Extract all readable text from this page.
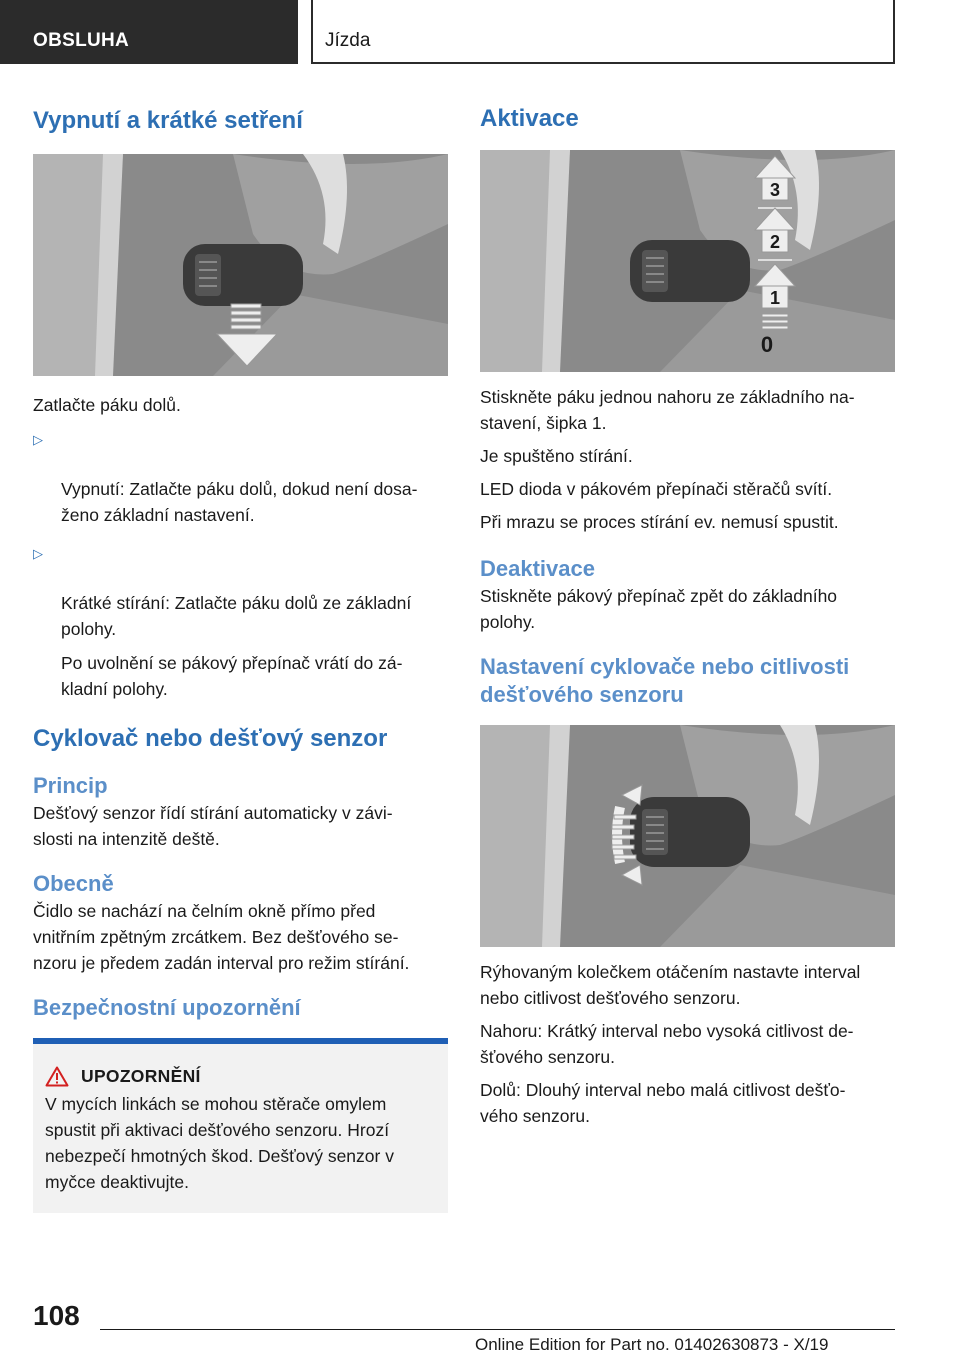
OBSLUHA	Jízda
Vypnutí a krátké setření

Zatlačte páku dolů.

▷

Vypnutí: Zatlačte páku dolů, dokud není dosa-
ženo základní nastavení.

▷

Krátké stírání: Zatlačte páku dolů ze základní
polohy.

Po uvolnění se pákový přepínač vrátí do zá-
kladní polohy.

Cyklovač nebo dešťový senzor
Princip

Dešťový senzor řídí stírání automaticky v závi-
slosti na intenzitě deště.

Obecně

Čidlo se nachází na čelním okně přímo před
vnitřním zpětným zrcátkem. Bez dešťového se-
nzoru je předem zadán interval pro režim stírání.

Bezpečnostní upozornění
UPOZORNĚNÍ

V mycích linkách se mohou stěrače omylem
spustit při aktivaci dešťového senzoru. Hrozí
nebezpečí hmotných škod. Dešťový senzor v
myčce deaktivujte.

Aktivace
3
2
1
0

Stiskněte páku jednou nahoru ze základního na-
stavení, šipka 1.

Je spuštěno stírání.

LED dioda v pákovém přepínači stěračů svítí.

Při mrazu se proces stírání ev. nemusí spustit.

Deaktivace

Stiskněte pákový přepínač zpět do základního
polohy.

Nastavení cyklovače nebo citlivosti
dešťového senzoru

Rýhovaným kolečkem otáčením nastavte interval
nebo citlivost dešťového senzoru.

Nahoru: Krátký interval nebo vysoká citlivost de-
šťového senzoru.

Dolů: Dlouhý interval nebo malá citlivost dešťo-
vého senzoru.

108
Online Edition for Part no. 01402630873 - X/19
